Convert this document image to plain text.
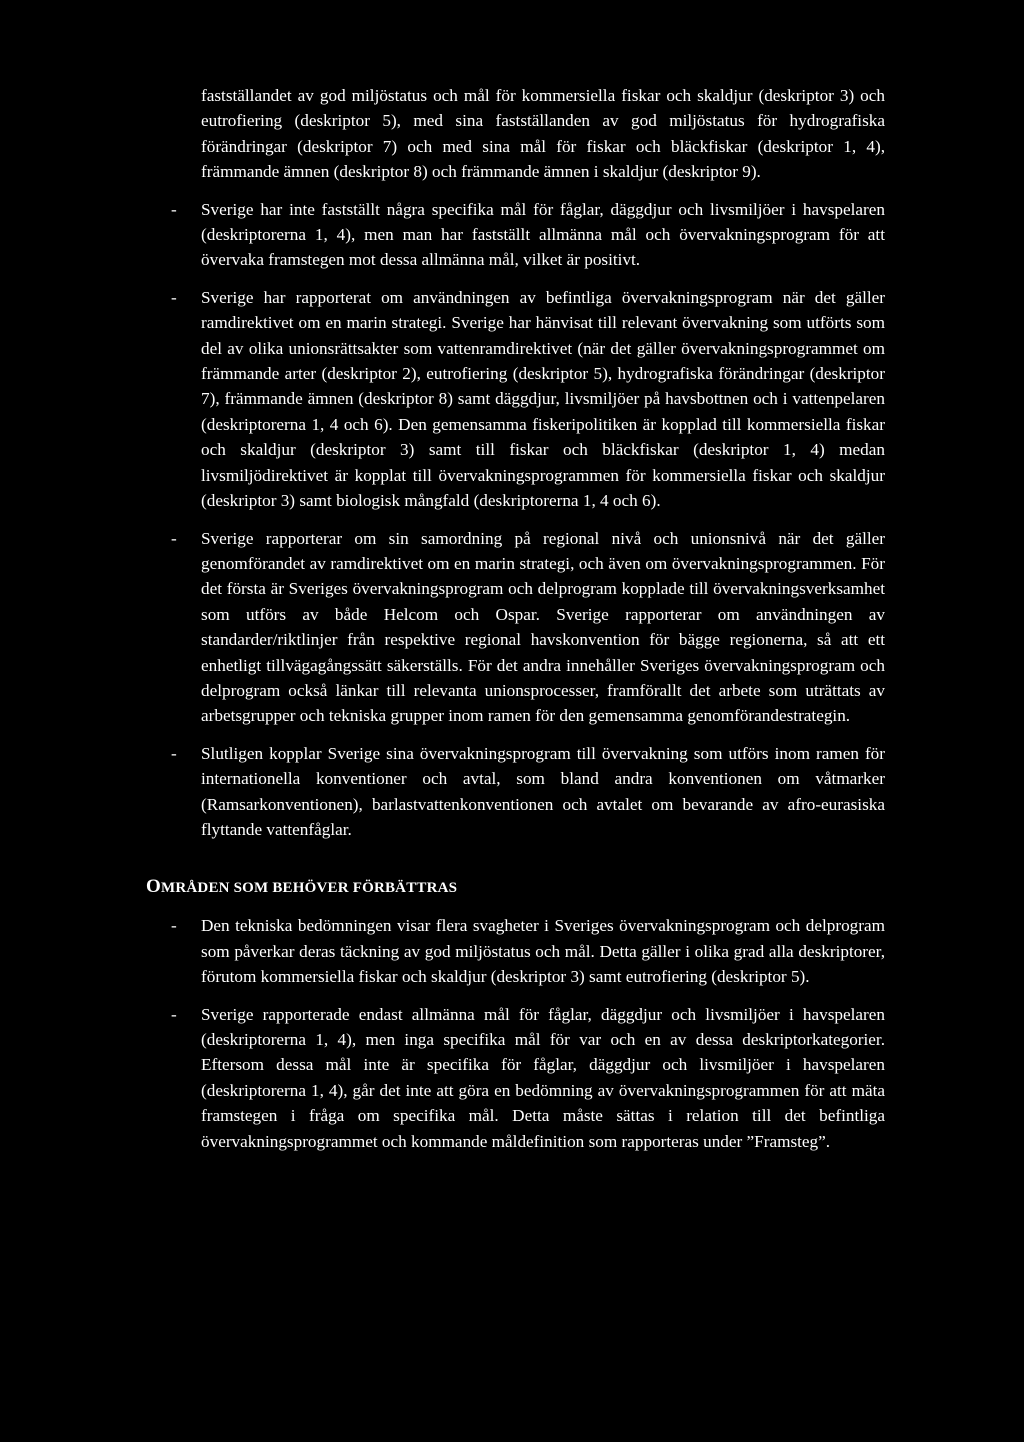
fastställandet av god miljöstatus och mål för kommersiella fiskar och skaldjur (deskriptor 3) och eutrofiering (deskriptor 5), med sina fastställanden av god miljöstatus för hydrografiska förändringar (deskriptor 7) och med sina mål för fiskar och bläckfiskar (deskriptor 1, 4), främmande ämnen (deskriptor 8) och främmande ämnen i skaldjur (deskriptor 9).

- Sverige har inte fastställt några specifika mål för fåglar, däggdjur och livsmiljöer i havspelaren (deskriptorerna 1, 4), men man har fastställt allmänna mål och övervakningsprogram för att övervaka framstegen mot dessa allmänna mål, vilket är positivt.

- Sverige har rapporterat om användningen av befintliga övervakningsprogram när det gäller ramdirektivet om en marin strategi. Sverige har hänvisat till relevant övervakning som utförts som del av olika unionsrättsakter som vattenramdirektivet (när det gäller övervakningsprogrammet om främmande arter (deskriptor 2), eutrofiering (deskriptor 5), hydrografiska förändringar (deskriptor 7), främmande ämnen (deskriptor 8) samt däggdjur, livsmiljöer på havsbottnen och i vattenpelaren (deskriptorerna 1, 4 och 6). Den gemensamma fiskeripolitiken är kopplad till kommersiella fiskar och skaldjur (deskriptor 3) samt till fiskar och bläckfiskar (deskriptor 1, 4) medan livsmiljödirektivet är kopplat till övervakningsprogrammen för kommersiella fiskar och skaldjur (deskriptor 3) samt biologisk mångfald (deskriptorerna 1, 4 och 6).

- Sverige rapporterar om sin samordning på regional nivå och unionsnivå när det gäller genomförandet av ramdirektivet om en marin strategi, och även om övervakningsprogrammen. För det första är Sveriges övervakningsprogram och delprogram kopplade till övervakningsverksamhet som utförs av både Helcom och Ospar. Sverige rapporterar om användningen av standarder/riktlinjer från respektive regional havskonvention för bägge regionerna, så att ett enhetligt tillvägagångssätt säkerställs. För det andra innehåller Sveriges övervakningsprogram och delprogram också länkar till relevanta unionsprocesser, framförallt det arbete som uträttats av arbetsgrupper och tekniska grupper inom ramen för den gemensamma genomförandestrategin.

- Slutligen kopplar Sverige sina övervakningsprogram till övervakning som utförs inom ramen för internationella konventioner och avtal, som bland andra konventionen om våtmarker (Ramsarkonventionen), barlastvattenkonventionen och avtalet om bevarande av afro-eurasiska flyttande vattenfåglar.

OMRÅDEN SOM BEHÖVER FÖRBÄTTRAS
- Den tekniska bedömningen visar flera svagheter i Sveriges övervakningsprogram och delprogram som påverkar deras täckning av god miljöstatus och mål. Detta gäller i olika grad alla deskriptorer, förutom kommersiella fiskar och skaldjur (deskriptor 3) samt eutrofiering (deskriptor 5).

- Sverige rapporterade endast allmänna mål för fåglar, däggdjur och livsmiljöer i havspelaren (deskriptorerna 1, 4), men inga specifika mål för var och en av dessa deskriptorkategorier. Eftersom dessa mål inte är specifika för fåglar, däggdjur och livsmiljöer i havspelaren (deskriptorerna 1, 4), går det inte att göra en bedömning av övervakningsprogrammen för att mäta framstegen i fråga om specifika mål. Detta måste sättas i relation till det befintliga övervakningsprogrammet och kommande måldefinition som rapporteras under ”Framsteg”.
